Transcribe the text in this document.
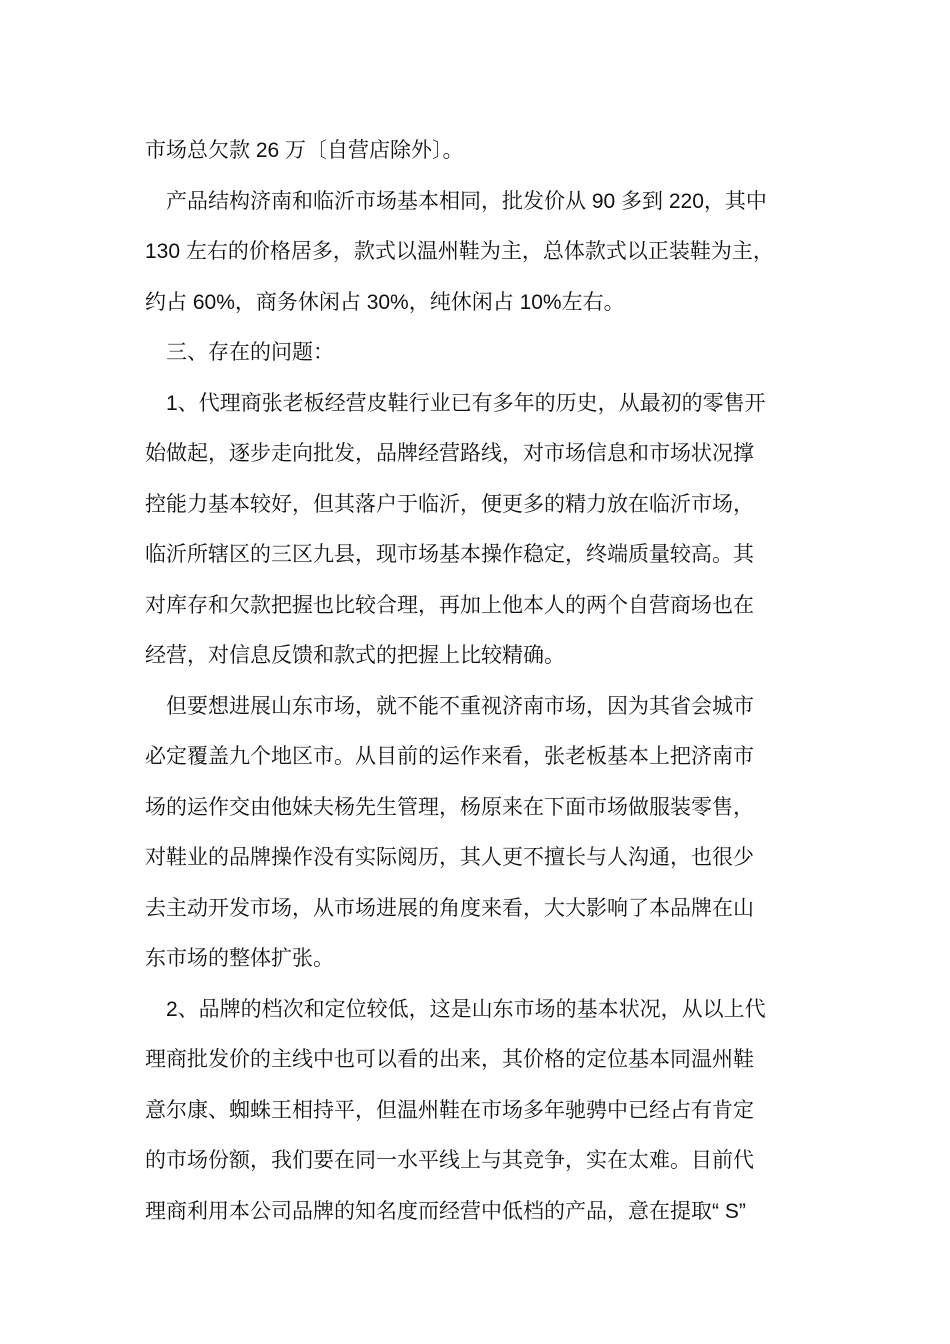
市场总欠款 26 万〔自营店除外〕。
产品结构济南和临沂市场基本相同，批发价从 90 多到 220，其中
130 左右的价格居多，款式以温州鞋为主，总体款式以正装鞋为主，
约占 60%，商务休闲占 30%，纯休闲占 10%左右。
三、存在的问题：
1、代理商张老板经营皮鞋行业已有多年的历史，从最初的零售开
始做起，逐步走向批发，品牌经营路线，对市场信息和市场状况撑
控能力基本较好，但其落户于临沂，便更多的精力放在临沂市场，
临沂所辖区的三区九县，现市场基本操作稳定，终端质量较高。其
对库存和欠款把握也比较合理，再加上他本人的两个自营商场也在
经营，对信息反馈和款式的把握上比较精确。
但要想进展山东市场，就不能不重视济南市场，因为其省会城市
必定覆盖九个地区市。从目前的运作来看，张老板基本上把济南市
场的运作交由他妹夫杨先生管理，杨原来在下面市场做服装零售，
对鞋业的品牌操作没有实际阅历，其人更不擅长与人沟通，也很少
去主动开发市场，从市场进展的角度来看，大大影响了本品牌在山
东市场的整体扩张。
2、品牌的档次和定位较低，这是山东市场的基本状况，从以上代
理商批发价的主线中也可以看的出来，其价格的定位基本同温州鞋
意尔康、蜘蛛王相持平，但温州鞋在市场多年驰骋中已经占有肯定
的市场份额，我们要在同一水平线上与其竞争，实在太难。目前代
理商利用本公司品牌的知名度而经营中低档的产品，意在提取“ S”
